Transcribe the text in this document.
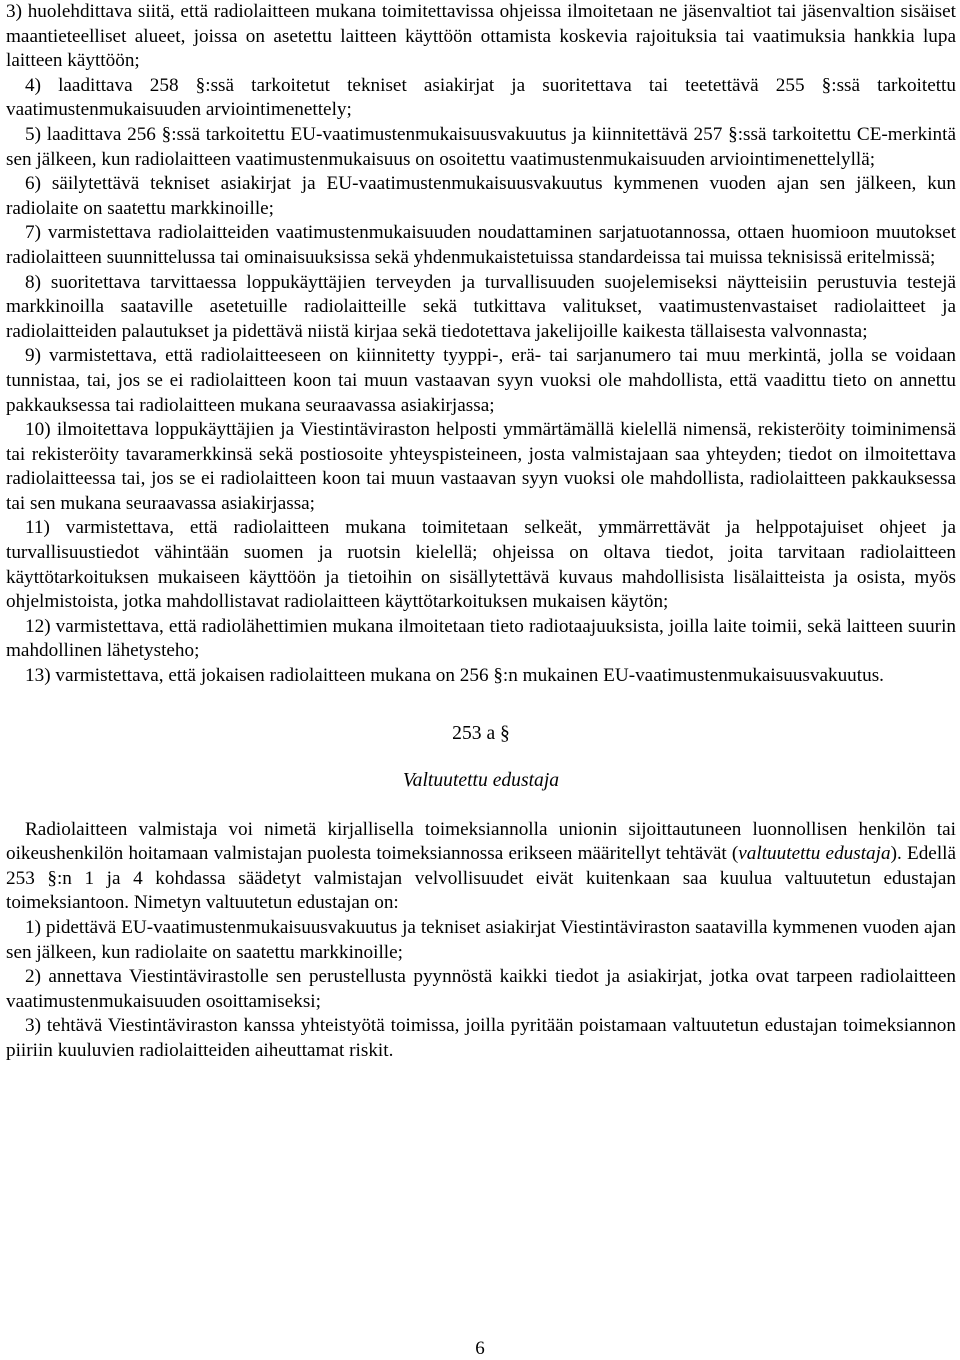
3) huolehdittava siitä, että radiolaitteen mukana toimitettavissa ohjeissa ilmoitetaan ne jäsenvaltiot tai jäsenvaltion sisäiset maantieteelliset alueet, joissa on asetettu laitteen käyttöön ottamista koskevia rajoituksia tai vaatimuksia hankkia lupa laitteen käyttöön;

4) laadittava 258 §:ssä tarkoitetut tekniset asiakirjat ja suoritettava tai teetettävä 255 §:ssä tarkoitettu vaatimustenmukaisuuden arviointimenettely;

5) laadittava 256 §:ssä tarkoitettu EU-vaatimustenmukaisuusvakuutus ja kiinnitettävä 257 §:ssä tarkoitettu CE-merkintä sen jälkeen, kun radiolaitteen vaatimustenmukaisuus on osoitettu vaatimustenmukaisuuden arviointimenettelyllä;

6) säilytettävä tekniset asiakirjat ja EU-vaatimustenmukaisuusvakuutus kymmenen vuoden ajan sen jälkeen, kun radiolaite on saatettu markkinoille;

7) varmistettava radiolaitteiden vaatimustenmukaisuuden noudattaminen sarjatuotannossa, ottaen huomioon muutokset radiolaitteen suunnittelussa tai ominaisuuksissa sekä yhdenmukaistetuissa standardeissa tai muissa teknisissä eritelmissä;

8) suoritettava tarvittaessa loppukäyttäjien terveyden ja turvallisuuden suojelemiseksi näytteisiin perustuvia testejä markkinoilla saataville asetetuille radiolaitteille sekä tutkittava valitukset, vaatimustenvastaiset radiolaitteet ja radiolaitteiden palautukset ja pidettävä niistä kirjaa sekä tiedotettava jakelijoille kaikesta tällaisesta valvonnasta;

9) varmistettava, että radiolaitteeseen on kiinnitetty tyyppi-, erä- tai sarjanumero tai muu merkintä, jolla se voidaan tunnistaa, tai, jos se ei radiolaitteen koon tai muun vastaavan syyn vuoksi ole mahdollista, että vaadittu tieto on annettu pakkauksessa tai radiolaitteen mukana seuraavassa asiakirjassa;

10) ilmoitettava loppukäyttäjien ja Viestintäviraston helposti ymmärtämällä kielellä nimensä, rekisteröity toiminimensä tai rekisteröity tavaramerkkinsä sekä postiosoite yhteyspisteineen, josta valmistajaan saa yhteyden; tiedot on ilmoitettava radiolaitteessa tai, jos se ei radiolaitteen koon tai muun vastaavan syyn vuoksi ole mahdollista, radiolaitteen pakkauksessa tai sen mukana seuraavassa asiakirjassa;

11) varmistettava, että radiolaitteen mukana toimitetaan selkeät, ymmärrettävät ja helppotajuiset ohjeet ja turvallisuustiedot vähintään suomen ja ruotsin kielellä; ohjeissa on oltava tiedot, joita tarvitaan radiolaitteen käyttötarkoituksen mukaiseen käyttöön ja tietoihin on sisällytettävä kuvaus mahdollisista lisälaitteista ja osista, myös ohjelmistoista, jotka mahdollistavat radiolaitteen käyttötarkoituksen mukaisen käytön;

12) varmistettava, että radiolähettimien mukana ilmoitetaan tieto radiotaajuuksista, joilla laite toimii, sekä laitteen suurin mahdollinen lähetysteho;

13) varmistettava, että jokaisen radiolaitteen mukana on 256 §:n mukainen EU-vaatimustenmukaisuusvakuutus.

253 a §
Valtuutettu edustaja

Radiolaitteen valmistaja voi nimetä kirjallisella toimeksiannolla unionin sijoittautuneen luonnollisen henkilön tai oikeushenkilön hoitamaan valmistajan puolesta toimeksiannossa erikseen määritellyt tehtävät (valtuutettu edustaja). Edellä 253 §:n 1 ja 4 kohdassa säädetyt valmistajan velvollisuudet eivät kuitenkaan saa kuulua valtuutetun edustajan toimeksiantoon. Nimetyn valtuutetun edustajan on:

1) pidettävä EU-vaatimustenmukaisuusvakuutus ja tekniset asiakirjat Viestintäviraston saatavilla kymmenen vuoden ajan sen jälkeen, kun radiolaite on saatettu markkinoille;

2) annettava Viestintävirastolle sen perustellusta pyynnöstä kaikki tiedot ja asiakirjat, jotka ovat tarpeen radiolaitteen vaatimustenmukaisuuden osoittamiseksi;

3) tehtävä Viestintäviraston kanssa yhteistyötä toimissa, joilla pyritään poistamaan valtuutetun edustajan toimeksiannon piiriin kuuluvien radiolaitteiden aiheuttamat riskit.

6
